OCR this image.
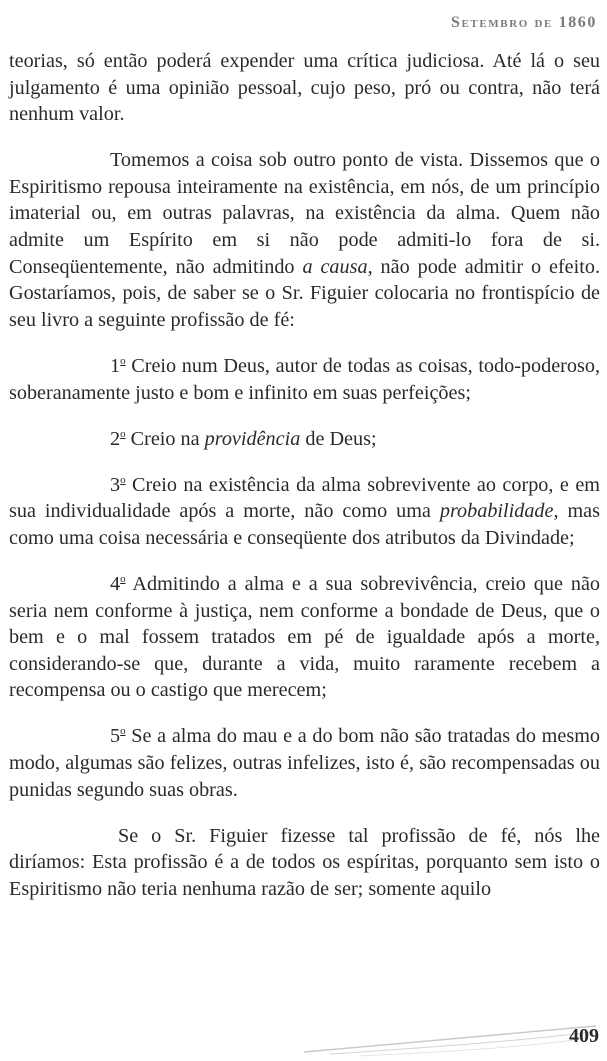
Setembro de 1860

teorias, só então poderá expender uma crítica judiciosa. Até lá o seu julgamento é uma opinião pessoal, cujo peso, pró ou contra, não terá nenhum valor.

Tomemos a coisa sob outro ponto de vista. Dissemos que o Espiritismo repousa inteiramente na existência, em nós, de um princípio imaterial ou, em outras palavras, na existência da alma. Quem não admite um Espírito em si não pode admiti-lo fora de si. Conseqüentemente, não admitindo a causa, não pode admitir o efeito. Gostaríamos, pois, de saber se o Sr. Figuier colocaria no frontispício de seu livro a seguinte profissão de fé:

1$^o$ Creio num Deus, autor de todas as coisas, todo-poderoso, soberanamente justo e bom e infinito em suas perfeições;

2$^o$ Creio na providência de Deus;

3$^o$ Creio na existência da alma sobrevivente ao corpo, e em sua individualidade após a morte, não como uma probabilidade, mas como uma coisa necessária e conseqüente dos atributos da Divindade;

4$^o$ Admitindo a alma e a sua sobrevivência, creio que não seria nem conforme à justiça, nem conforme a bondade de Deus, que o bem e o mal fossem tratados em pé de igualdade após a morte, considerando-se que, durante a vida, muito raramente recebem a recompensa ou o castigo que merecem;

5$^o$ Se a alma do mau e a do bom não são tratadas do mesmo modo, algumas são felizes, outras infelizes, isto é, são recompensadas ou punidas segundo suas obras.

Se o Sr. Figuier fizesse tal profissão de fé, nós lhe diríamos: Esta profissão é a de todos os espíritas, porquanto sem isto o Espiritismo não teria nenhuma razão de ser; somente aquilo

409
